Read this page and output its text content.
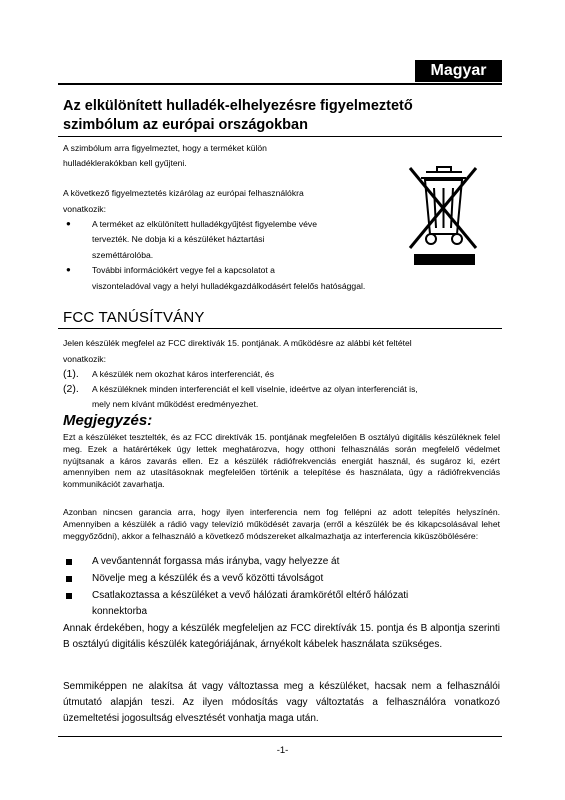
Magyar
Az elkülönített hulladék-elhelyezésre figyelmeztető
szimbólum az európai országokban
A szimbólum arra figyelmeztet, hogy a terméket külön
hulladéklerakókban kell gyűjteni.
A következő figyelmeztetés kizárólag az európai felhasználókra
vonatkozik:
● A terméket az elkülönített hulladékgyűjtést figyelembe véve
tervezték. Ne dobja ki a készüléket háztartási
szeméttárolóba.
● További információkért vegye fel a kapcsolatot a
viszonteladóval vagy a helyi hulladékgazdálkodásért felelős hatósággal.
FCC TANÚSÍTVÁNY
Jelen készülék megfelel az FCC direktívák 15. pontjának. A működésre az alábbi két feltétel
vonatkozik:
(1). A készülék nem okozhat káros interferenciát, és
(2). A készüléknek minden interferenciát el kell viselnie, ideértve az olyan interferenciát is,
mely nem kívánt működést eredményezhet.
Megjegyzés:
Ezt a készüléket tesztelték, és az FCC direktívák 15. pontjának megfelelően B osztályú digitális készüléknek felel meg. Ezek a határértékek úgy lettek meghatározva, hogy otthoni felhasználás során megfelelő védelmet nyújtsanak a káros zavarás ellen. Ez a készülék rádiófrekvenciás energiát használ, és sugároz ki, ezért amennyiben nem az utasításoknak megfelelően történik a telepítése és használata, úgy a rádiófrekvenciás kommunikációt zavarhatja.
Azonban nincsen garancia arra, hogy ilyen interferencia nem fog fellépni az adott telepítés helyszínén. Amennyiben a készülék a rádió vagy televízió működését zavarja (erről a készülék be és kikapcsolásával lehet meggyőződni), akkor a felhasználó a következő módszereket alkalmazhatja az interferencia kiküszöbölésére:
A vevőantennát forgassa más irányba, vagy helyezze át
Növelje meg a készülék és a vevő közötti távolságot
Csatlakoztassa a készüléket a vevő hálózati áramkörétől eltérő hálózati
konnektorba
Annak érdekében, hogy a készülék megfeleljen az FCC direktívák 15. pontja és B alpontja szerinti B osztályú digitális készülék kategóriájának, árnyékolt kábelek használata szükséges.
Semmiképpen ne alakítsa át vagy változtassa meg a készüléket, hacsak nem a felhasználói útmutató alapján teszi. Az ilyen módosítás vagy változtatás a felhasználóra vonatkozó üzemeltetési jogosultság elvesztését vonhatja maga után.
-1-
